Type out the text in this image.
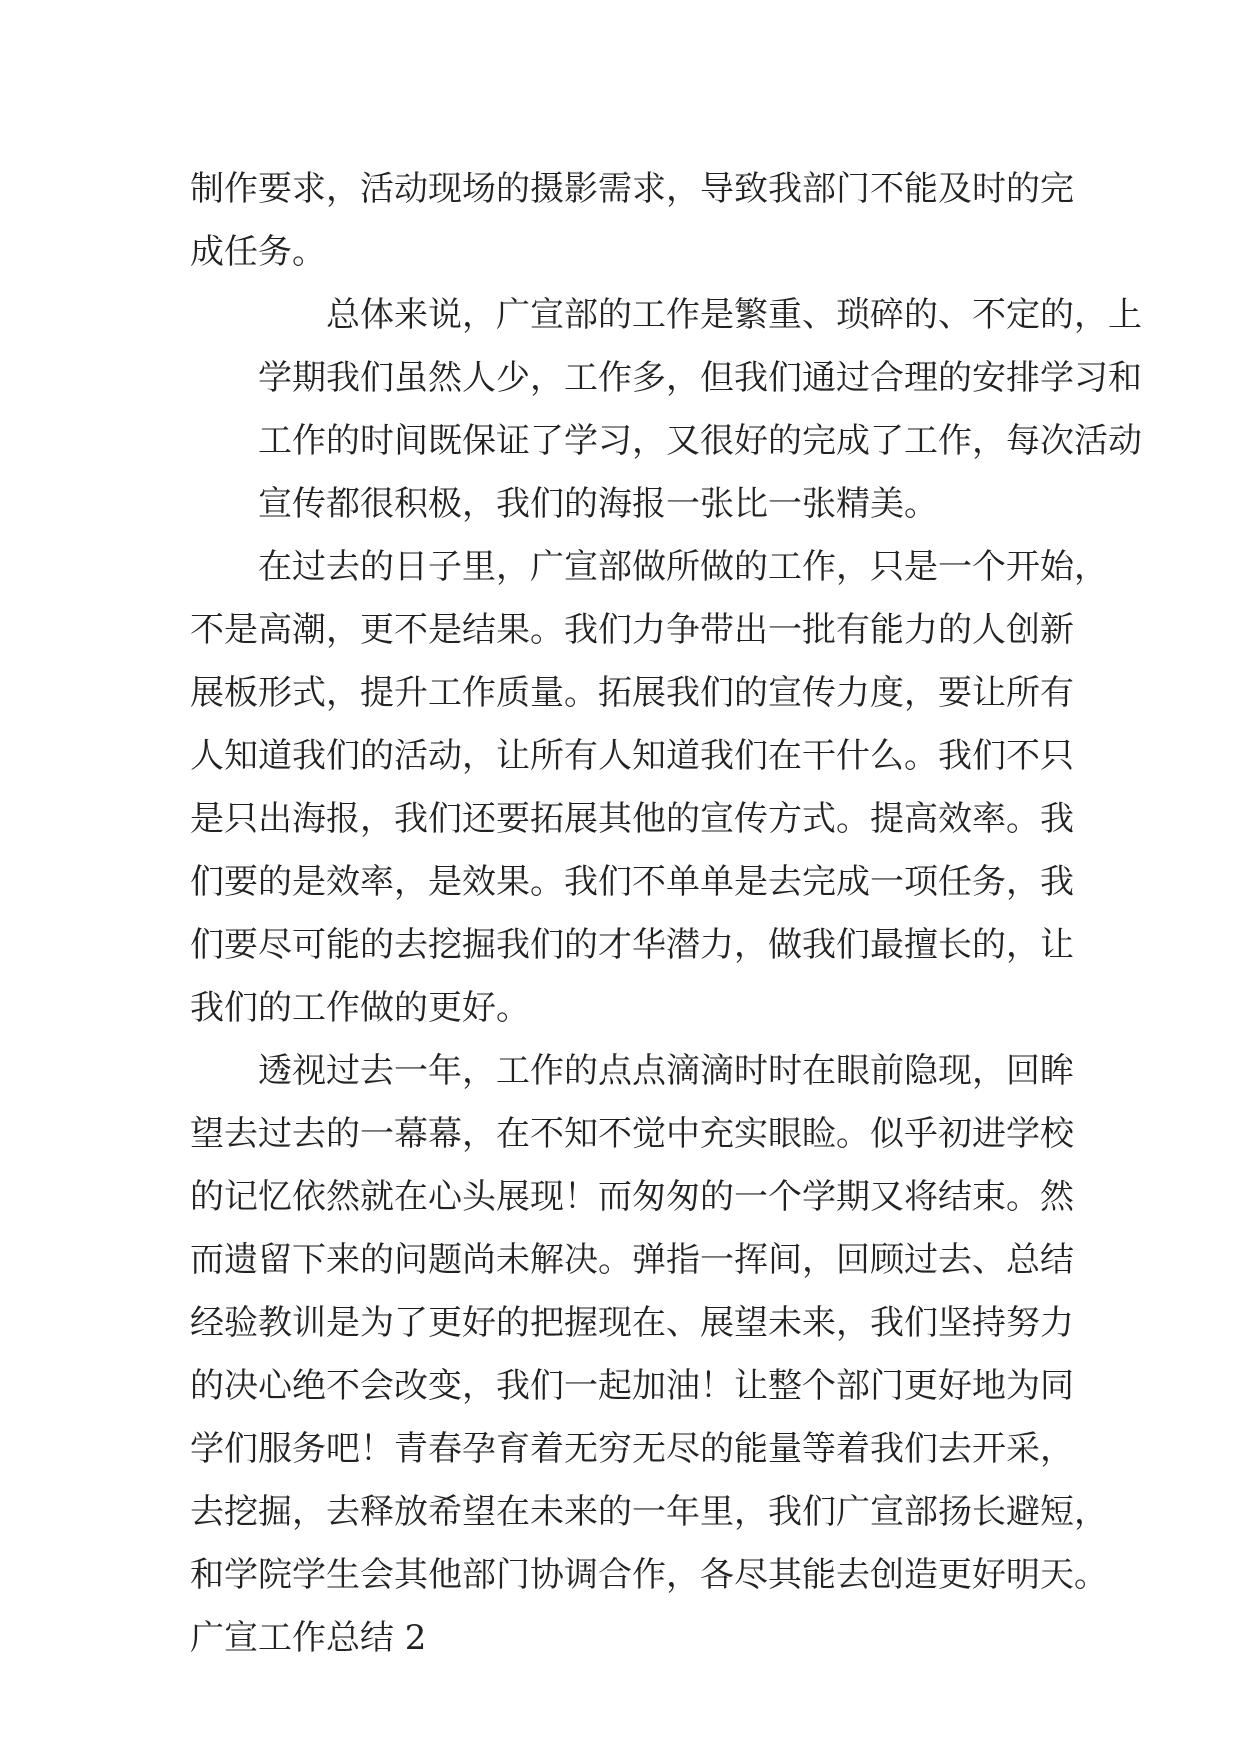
制作要求，活动现场的摄影需求，导致我部门不能及时的完
成任务。

总体来说，广宣部的工作是繁重、琐碎的、不定的，上
学期我们虽然人少，工作多，但我们通过合理的安排学习和
工作的时间既保证了学习，又很好的完成了工作，每次活动
宣传都很积极，我们的海报一张比一张精美。

在过去的日子里，广宣部做所做的工作，只是一个开始，
不是高潮，更不是结果。我们力争带出一批有能力的人创新
展板形式，提升工作质量。拓展我们的宣传力度，要让所有
人知道我们的活动，让所有人知道我们在干什么。我们不只
是只出海报，我们还要拓展其他的宣传方式。提高效率。我
们要的是效率，是效果。我们不单单是去完成一项任务，我
们要尽可能的去挖掘我们的才华潜力，做我们最擅长的，让
我们的工作做的更好。

透视过去一年，工作的点点滴滴时时在眼前隐现，回眸
望去过去的一幕幕，在不知不觉中充实眼睑。似乎初进学校
的记忆依然就在心头展现！而匆匆的一个学期又将结束。然
而遗留下来的问题尚未解决。弹指一挥间，回顾过去、总结
经验教训是为了更好的把握现在、展望未来，我们坚持努力
的决心绝不会改变，我们一起加油！让整个部门更好地为同
学们服务吧！青春孕育着无穷无尽的能量等着我们去开采，
去挖掘，去释放希望在未来的一年里，我们广宣部扬长避短，
和学院学生会其他部门协调合作，各尽其能去创造更好明天。

广宣工作总结 2
